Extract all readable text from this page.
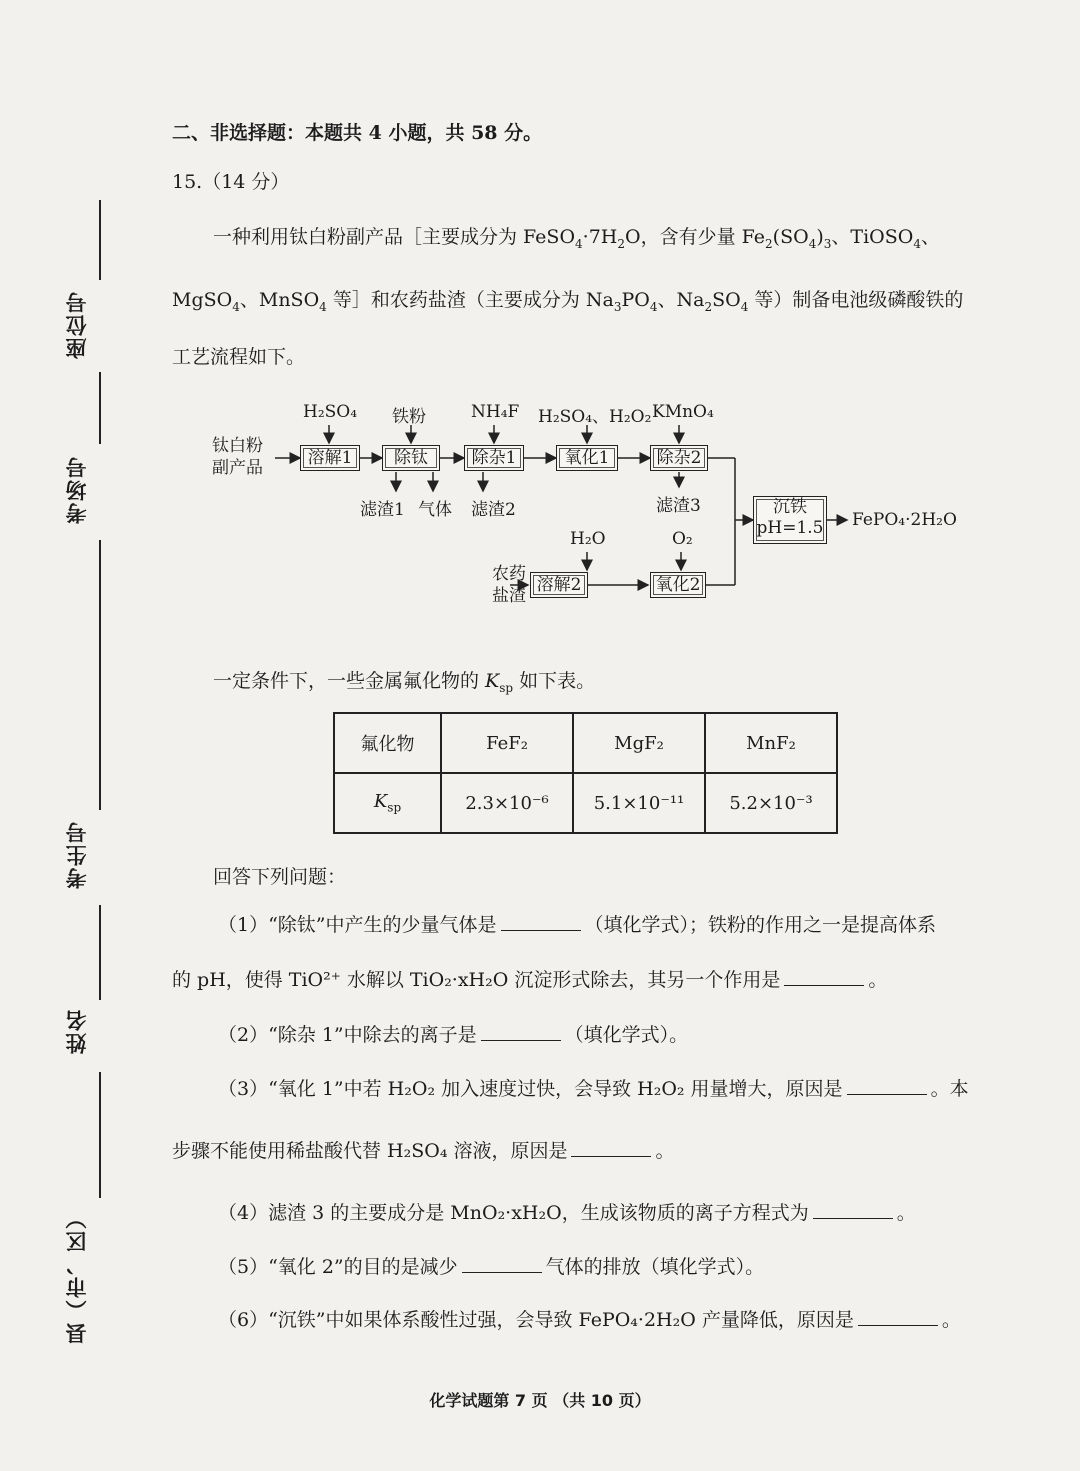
座位号
考场号
考生号
姓名
县（市、区）
二、非选择题：本题共 4 小题，共 58 分。
15.（14 分）
一种利用钛白粉副产品［主要成分为 $FeSO_4\cdot 7H_2O$，含有少量 $Fe_2(SO_4)_3$、TiOSO$_4$、
MgSO$_4$、MnSO$_4$ 等］和农药盐渣（主要成分为 $Na_3PO_4$、$Na_2SO_4$ 等）制备电池级磷酸铁的
工艺流程如下。
钛白粉
副产品	溶解1	除钛	除杂1	氧化1	除杂2
H₂SO₄ 铁粉	NH₄F H₂SO₄、H₂O₂ KMnO₄
滤渣1 气体 滤渣2	滤渣3	沉铁
pH=1.5 FePO₄·2H₂O
H₂O	O₂
农药
盐渣
溶解2	氧化2
一定条件下，一些金属氟化物的 $K_{sp}$ 如下表。
氟化物	FeF₂	MgF₂	MnF₂
$K_{sp}$	2.3×10⁻⁶	5.1×10⁻¹¹	5.2×10⁻³
回答下列问题：
（1）“除钛”中产生的少量气体是	（填化学式）；铁粉的作用之一是提高体系
的 pH，使得 TiO²⁺ 水解以 TiO₂·xH₂O 沉淀形式除去，其另一个作用是	。
（2）“除杂 1”中除去的离子是	（填化学式）。
（3）“氧化 1”中若 H₂O₂ 加入速度过快，会导致 H₂O₂ 用量增大，原因是	。本
步骤不能使用稀盐酸代替 H₂SO₄ 溶液，原因是	。
（4）滤渣 3 的主要成分是 MnO₂·xH₂O，生成该物质的离子方程式为	。
（5）“氧化 2”的目的是减少	气体的排放（填化学式）。
（6）“沉铁”中如果体系酸性过强，会导致 FePO₄·2H₂O 产量降低，原因是	。
化学试题第 7 页 （共 10 页）
